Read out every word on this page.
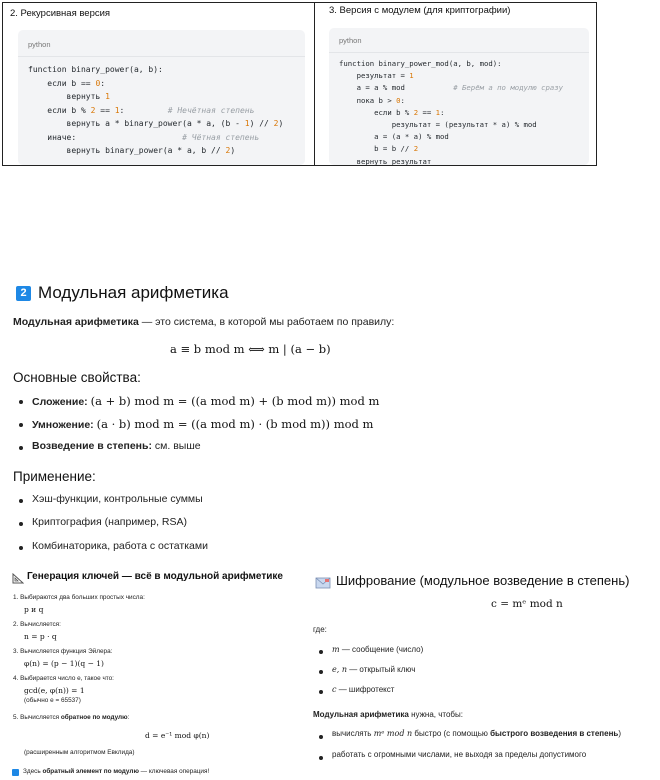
2. Рекурсивная версия
python
function binary_power(a, b):
если b == 0:
вернуть 1
если b % 2 == 1:         # Нечётная степень
вернуть a * binary_power(a * a, (b - 1) // 2)
иначе:	# Чётная степень
вернуть binary_power(a * a, b // 2)
3. Версия с модулем (для криптографии)
python
function binary_power_mod(a, b, mod):
результат = 1
a = a % mod	# Берём a по модулю сразу
пока b > 0:
если b % 2 == 1:
результат = (результат * a) % mod
a = (a * a) % mod
b = b // 2
вернуть результат
2 Модульная арифметика
Модульная арифметика — это система, в которой мы работаем по правилу:
a ≡ b mod m ⟺ m | (a − b)
Основные свойства:
Сложение: (a + b) mod m = ((a mod m) + (b mod m)) mod m
Умножение: (a · b) mod m = ((a mod m) · (b mod m)) mod m
Возведение в степень: см. выше
Применение:
Хэш-функции, контрольные суммы
Криптография (например, RSA)
Комбинаторика, работа с остатками
Генерация ключей — всё в модульной арифметике
1. Выбираются два больших простых числа:
p и q
2. Вычисляется:
n = p · q
3. Вычисляется функция Эйлера:
φ(n) = (p − 1)(q − 1)
4. Выбирается число e, такое что:
gcd(e, φ(n)) = 1
(обычно e = 65537)
5. Вычисляется обратное по модулю:
d = e⁻¹ mod φ(n)
(расширенным алгоритмом Евклида)
Здесь обратный элемент по модулю — ключевая операция!
Шифрование (модульное возведение в степень)
c = mᵉ mod n
где:
m — сообщение (число)
e, n — открытый ключ
c — шифротекст
Модульная арифметика нужна, чтобы:
вычислять mᵉ mod n быстро (с помощью быстрого возведения в степень)
работать с огромными числами, не выходя за пределы допустимого
